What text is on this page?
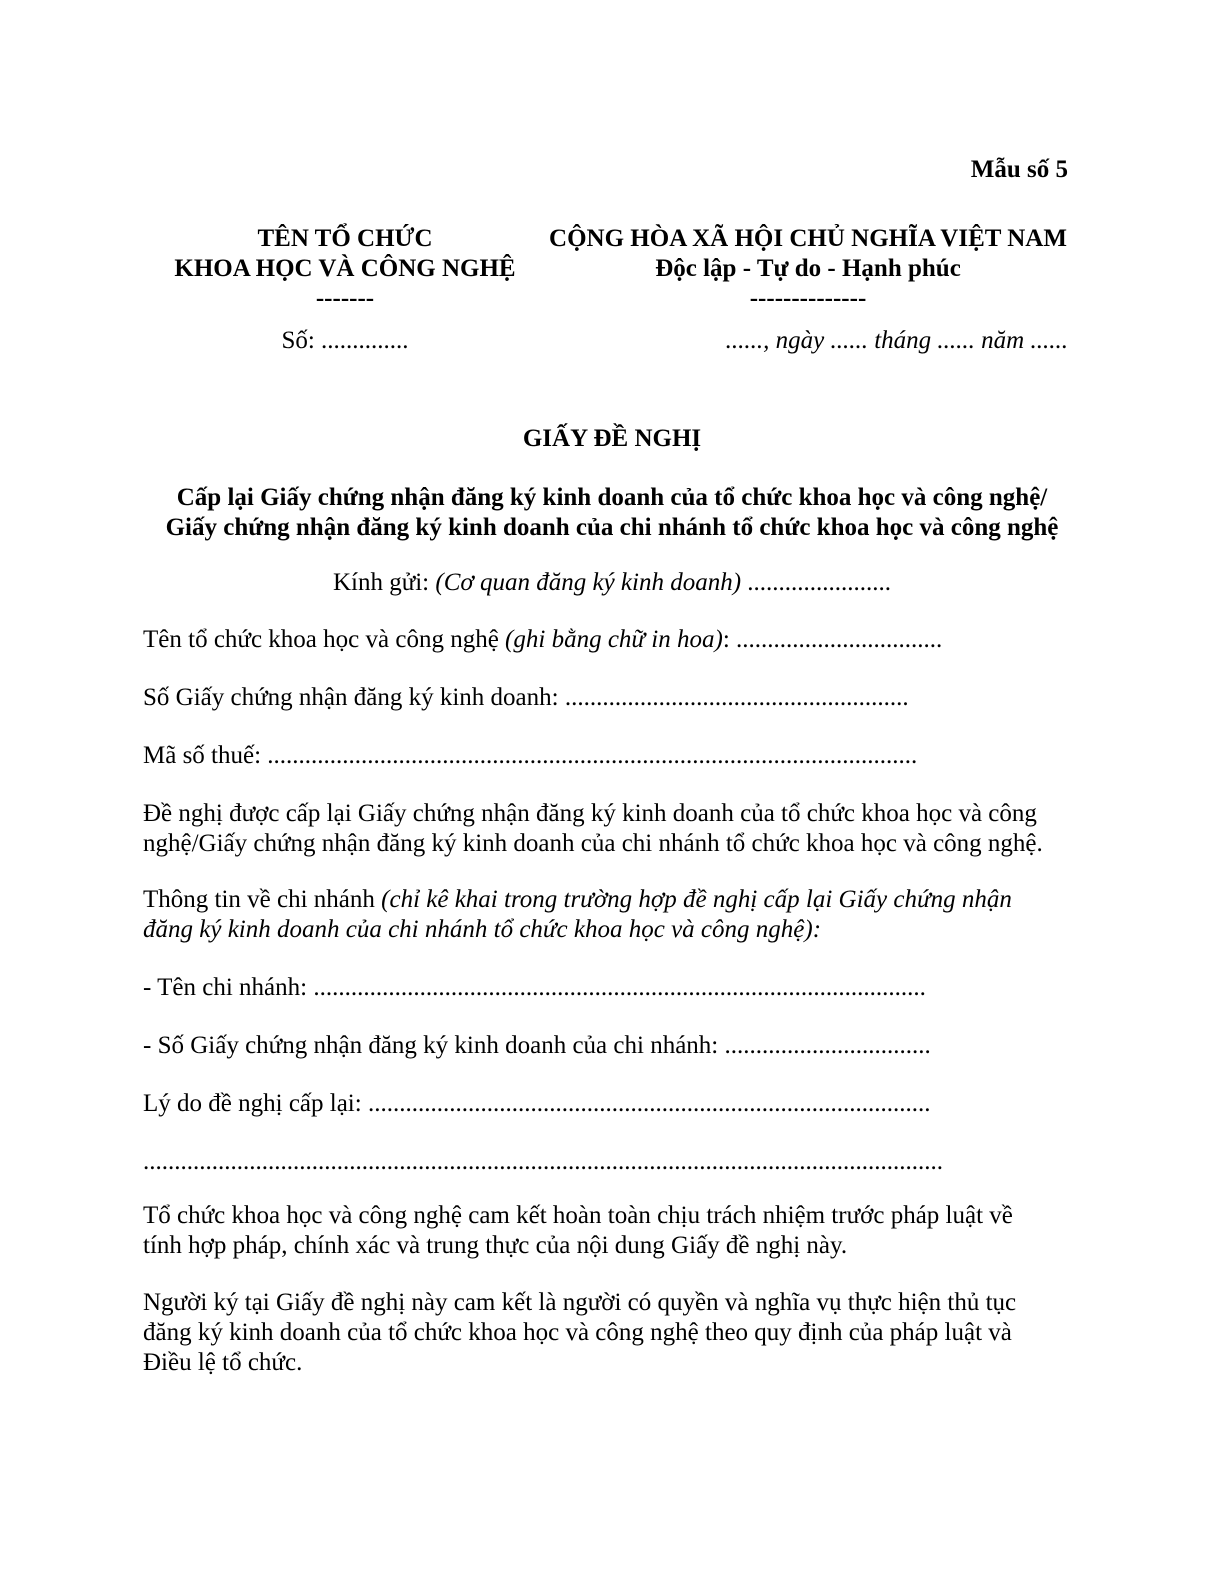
Mẫu số 5
TÊN TỔ CHỨC
KHOA HỌC VÀ CÔNG NGHỆ
-------
CỘNG HÒA XÃ HỘI CHỦ NGHĨA VIỆT NAM
Độc lập - Tự do - Hạnh phúc
--------------
Số: ..............	......, ngày ...... tháng ...... năm ......
GIẤY ĐỀ NGHỊ
Cấp lại Giấy chứng nhận đăng ký kinh doanh của tổ chức khoa học và công nghệ/
Giấy chứng nhận đăng ký kinh doanh của chi nhánh tổ chức khoa học và công nghệ
Kính gửi: (Cơ quan đăng ký kinh doanh) .......................
Tên tổ chức khoa học và công nghệ (ghi bằng chữ in hoa): .................................
Số Giấy chứng nhận đăng ký kinh doanh: .......................................................
Mã số thuế: ........................................................................................................
Đề nghị được cấp lại Giấy chứng nhận đăng ký kinh doanh của tổ chức khoa học và công
nghệ/Giấy chứng nhận đăng ký kinh doanh của chi nhánh tổ chức khoa học và công nghệ.
Thông tin về chi nhánh (chỉ kê khai trong trường hợp đề nghị cấp lại Giấy chứng nhận
đăng ký kinh doanh của chi nhánh tổ chức khoa học và công nghệ):
- Tên chi nhánh: ..................................................................................................
- Số Giấy chứng nhận đăng ký kinh doanh của chi nhánh: .................................
Lý do đề nghị cấp lại: ..........................................................................................
................................................................................................................................
Tổ chức khoa học và công nghệ cam kết hoàn toàn chịu trách nhiệm trước pháp luật về
tính hợp pháp, chính xác và trung thực của nội dung Giấy đề nghị này.
Người ký tại Giấy đề nghị này cam kết là người có quyền và nghĩa vụ thực hiện thủ tục
đăng ký kinh doanh của tổ chức khoa học và công nghệ theo quy định của pháp luật và
Điều lệ tổ chức.
